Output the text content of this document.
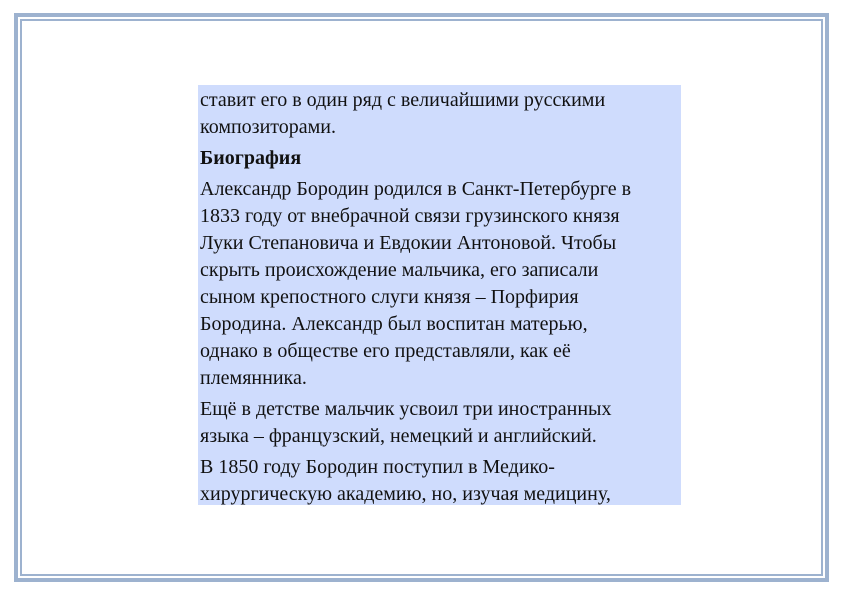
ставит его в один ряд с величайшими русскими
композиторами.

Биография

Александр Бородин родился в Санкт-Петербурге в
1833 году от внебрачной связи грузинского князя
Луки Степановича и Евдокии Антоновой. Чтобы
скрыть происхождение мальчика, его записали
сыном крепостного слуги князя – Порфирия
Бородина. Александр был воспитан матерью,
однако в обществе его представляли, как её
племянника.

Ещё в детстве мальчик усвоил три иностранных
языка – французский, немецкий и английский.

В 1850 году Бородин поступил в Медико-
хирургическую академию, но, изучая медицину,
